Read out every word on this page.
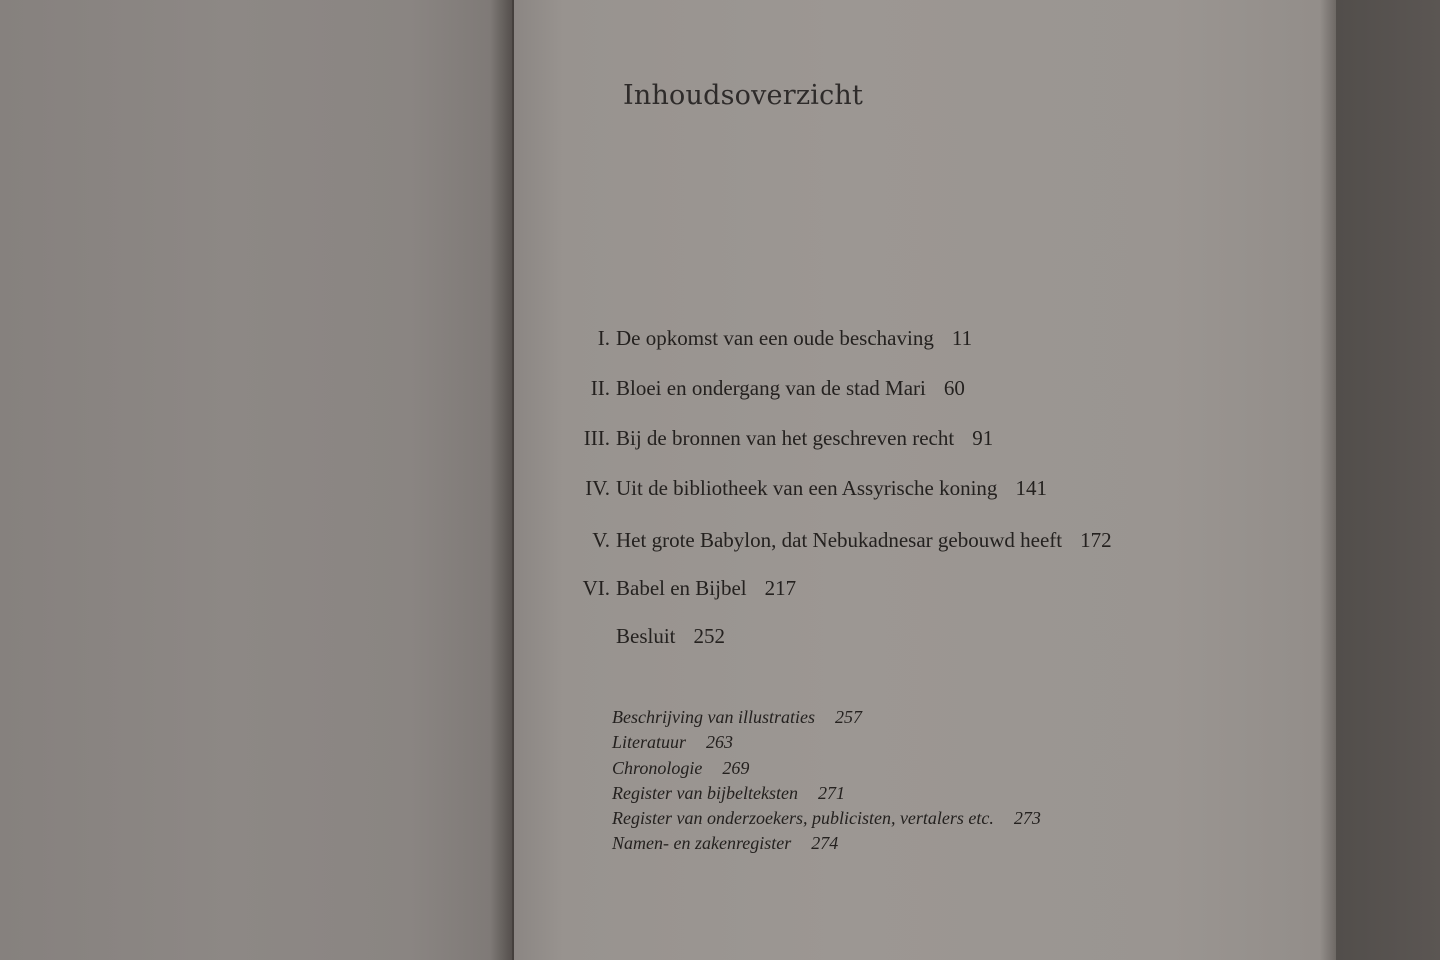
Inhoudsoverzicht
I. De opkomst van een oude beschaving 11
II. Bloei en ondergang van de stad Mari 60
III. Bij de bronnen van het geschreven recht 91
IV. Uit de bibliotheek van een Assyrische koning 141
V. Het grote Babylon, dat Nebukadnesar gebouwd heeft 172
VI. Babel en Bijbel 217
Besluit 252
Beschrijving van illustraties 257
Literatuur 263
Chronologie 269
Register van bijbelteksten 271
Register van onderzoekers, publicisten, vertalers etc. 273
Namen- en zakenregister 274
